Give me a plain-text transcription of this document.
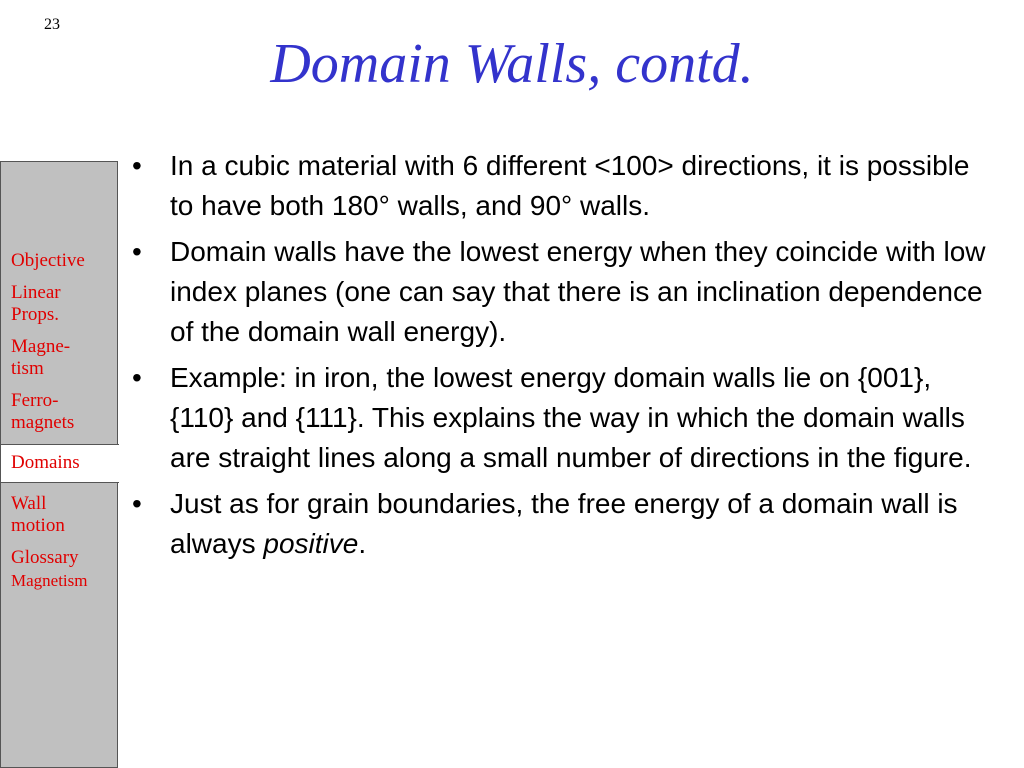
23
Domain Walls, contd.
Objective
Linear
Props.
Magne-
tism
Ferro-
magnets
Domains
Wall
motion
Glossary
Magnetism
• In a cubic material with 6 different <100> directions, it is possible to have both 180° walls, and 90° walls.
• Domain walls have the lowest energy when they coincide with low index planes (one can say that there is an inclination dependence of the domain wall energy).
• Example: in iron, the lowest energy domain walls lie on {001}, {110} and {111}. This explains the way in which the domain walls are straight lines along a small number of directions in the figure.
• Just as for grain boundaries, the free energy of a domain wall is always positive.
